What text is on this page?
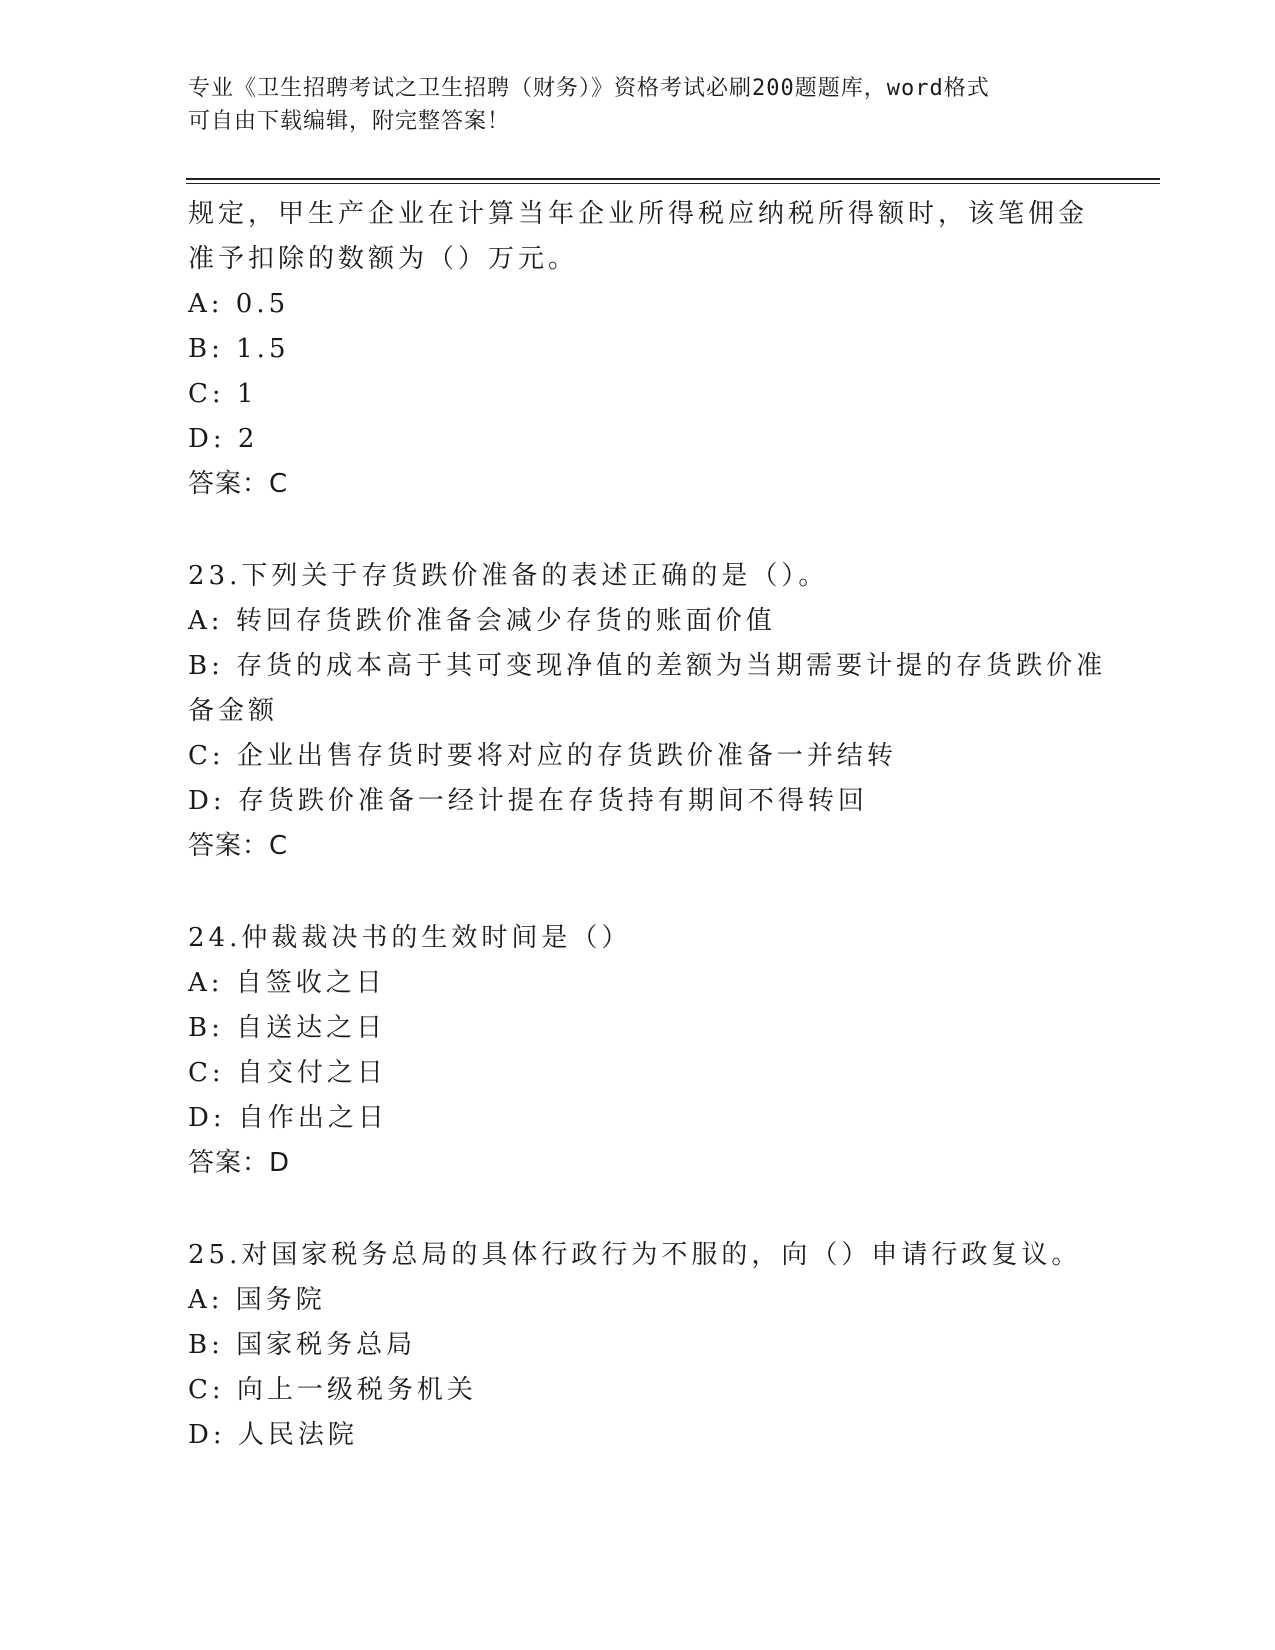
专业《卫生招聘考试之卫生招聘（财务）》资格考试必刷200题题库，word格式
可自由下载编辑，附完整答案！
规定，甲生产企业在计算当年企业所得税应纳税所得额时，该笔佣金
准予扣除的数额为（）万元。
A: 0.5
B: 1.5
C: 1
D: 2
答案：C
23.下列关于存货跌价准备的表述正确的是（）。
A: 转回存货跌价准备会减少存货的账面价值
B: 存货的成本高于其可变现净值的差额为当期需要计提的存货跌价准
备金额
C: 企业出售存货时要将对应的存货跌价准备一并结转
D: 存货跌价准备一经计提在存货持有期间不得转回
答案：C
24.仲裁裁决书的生效时间是（）
A: 自签收之日
B: 自送达之日
C: 自交付之日
D: 自作出之日
答案：D
25.对国家税务总局的具体行政行为不服的，向（）申请行政复议。
A: 国务院
B: 国家税务总局
C: 向上一级税务机关
D: 人民法院
